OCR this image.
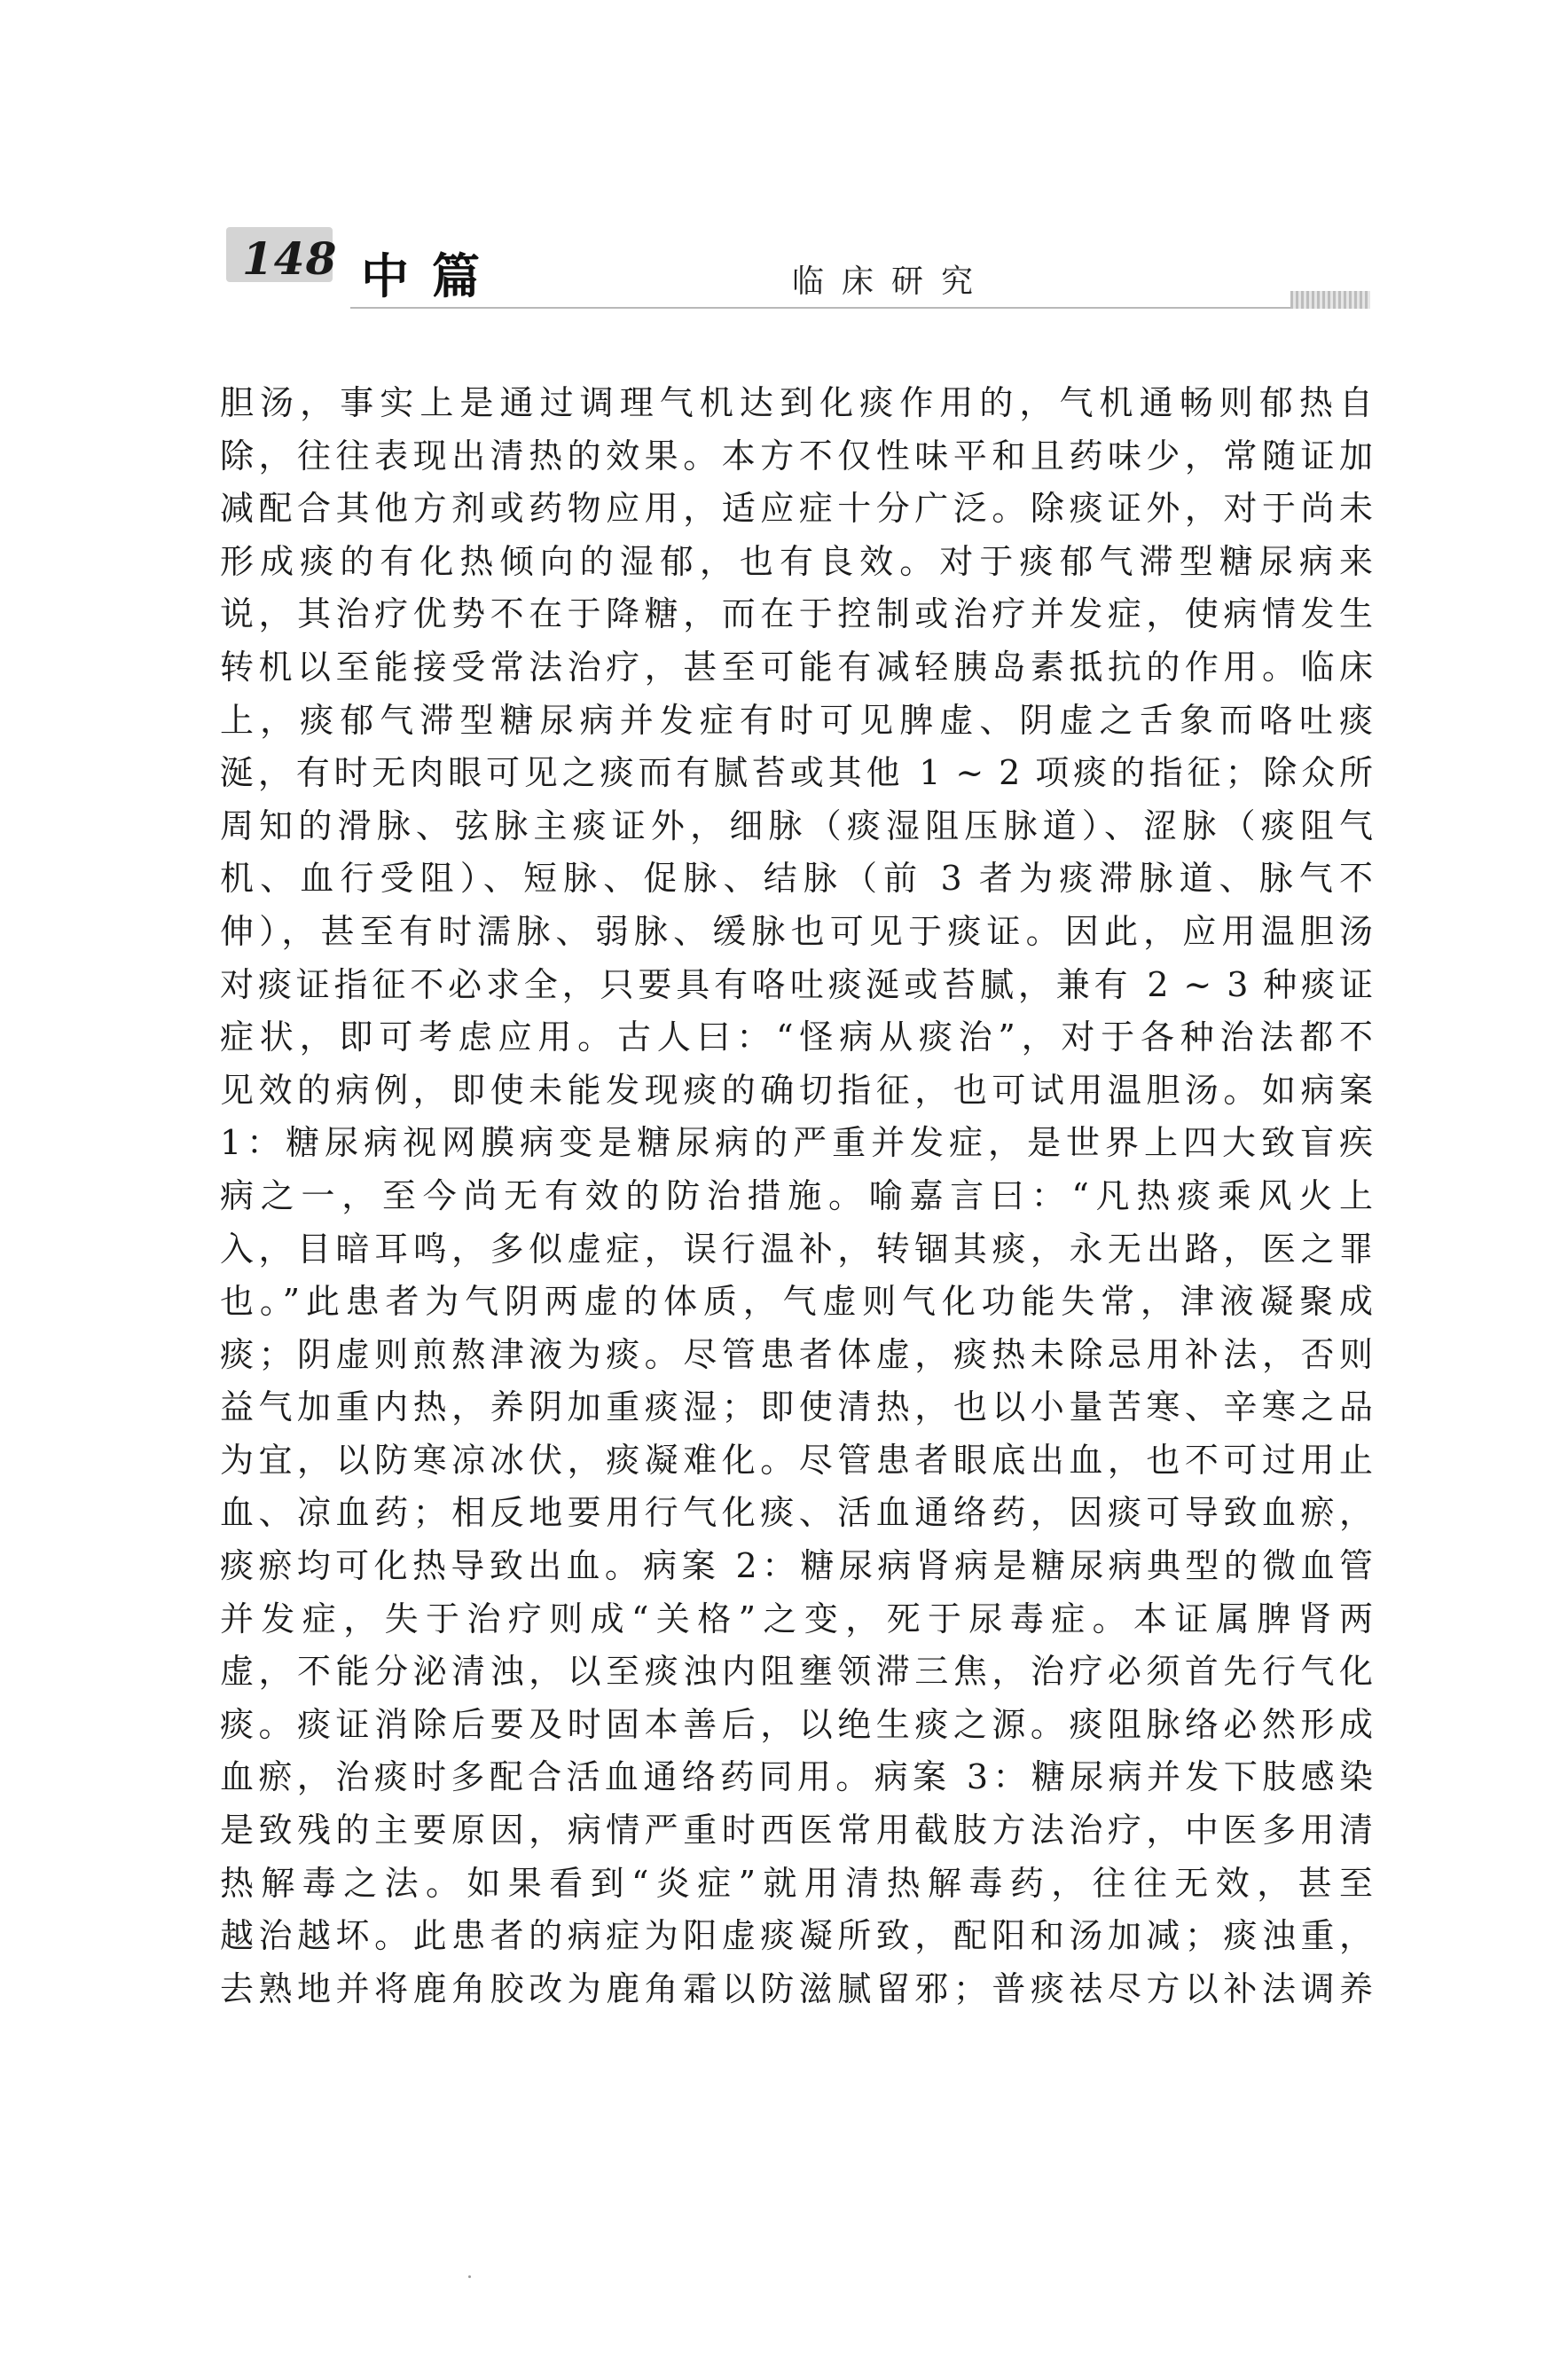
148 中篇	临床研究
胆汤，事实上是通过调理气机达到化痰作用的，气机通畅则郁热自
除，往往表现出清热的效果。本方不仅性味平和且药味少，常随证加
减配合其他方剂或药物应用，适应症十分广泛。除痰证外，对于尚未
形成痰的有化热倾向的湿郁，也有良效。对于痰郁气滞型糖尿病来
说，其治疗优势不在于降糖，而在于控制或治疗并发症，使病情发生
转机以至能接受常法治疗，甚至可能有减轻胰岛素抵抗的作用。临床
上，痰郁气滞型糖尿病并发症有时可见脾虚、阴虚之舌象而咯吐痰
涎，有时无肉眼可见之痰而有腻苔或其他 1 ~ 2 项痰的指征；除众所
周知的滑脉、弦脉主痰证外，细脉（痰湿阻压脉道）、涩脉（痰阻气
机、血行受阻）、短脉、促脉、结脉（前 3 者为痰滞脉道、脉气不
伸），甚至有时濡脉、弱脉、缓脉也可见于痰证。因此，应用温胆汤
对痰证指征不必求全，只要具有咯吐痰涎或苔腻，兼有 2 ~ 3 种痰证
症状，即可考虑应用。古人曰：“怪病从痰治”，对于各种治法都不
见效的病例，即使未能发现痰的确切指征，也可试用温胆汤。如病案
1：糖尿病视网膜病变是糖尿病的严重并发症，是世界上四大致盲疾
病之一，至今尚无有效的防治措施。喻嘉言曰：“凡热痰乘风火上
入，目暗耳鸣，多似虚症，误行温补，转锢其痰，永无出路，医之罪
也。”此患者为气阴两虚的体质，气虚则气化功能失常，津液凝聚成
痰；阴虚则煎熬津液为痰。尽管患者体虚，痰热未除忌用补法，否则
益气加重内热，养阴加重痰湿；即使清热，也以小量苦寒、辛寒之品
为宜，以防寒凉冰伏，痰凝难化。尽管患者眼底出血，也不可过用止
血、凉血药；相反地要用行气化痰、活血通络药，因痰可导致血瘀，
痰瘀均可化热导致出血。病案 2：糖尿病肾病是糖尿病典型的微血管
并发症，失于治疗则成“关格”之变，死于尿毒症。本证属脾肾两
虚，不能分泌清浊，以至痰浊内阻壅领滞三焦，治疗必须首先行气化
痰。痰证消除后要及时固本善后，以绝生痰之源。痰阻脉络必然形成
血瘀，治痰时多配合活血通络药同用。病案 3：糖尿病并发下肢感染
是致残的主要原因，病情严重时西医常用截肢方法治疗，中医多用清
热解毒之法。如果看到“炎症”就用清热解毒药，往往无效，甚至
越治越坏。此患者的病症为阳虚痰凝所致，配阳和汤加减；痰浊重，
去熟地并将鹿角胶改为鹿角霜以防滋腻留邪；普痰祛尽方以补法调养
